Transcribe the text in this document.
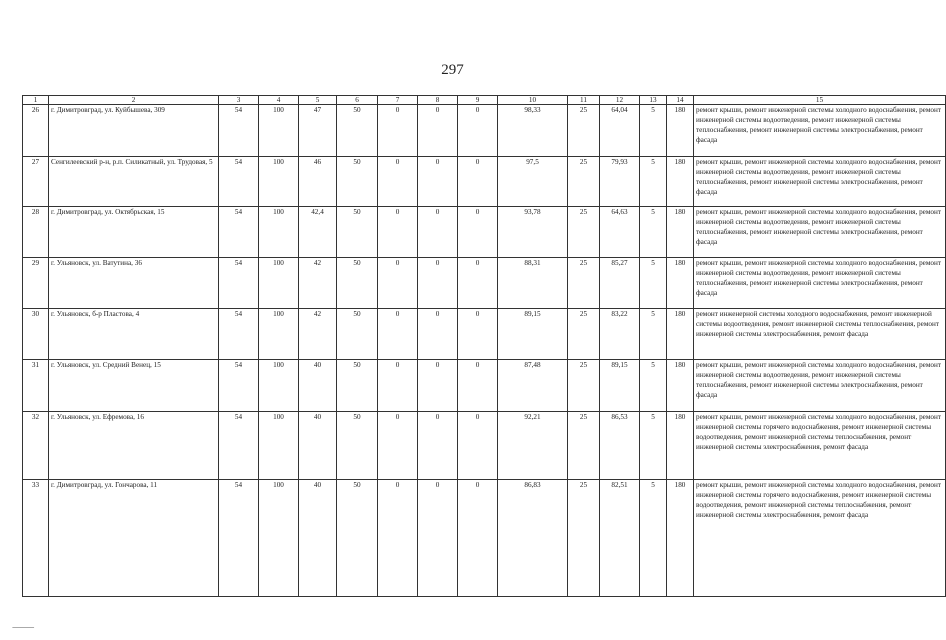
297
1	2	3	4	5	6	7	8	9	10	11	12	13	14	15
26	г. Димитровград, ул. Куйбышева, 309	54	100	47	50	0	0	0	98,33	25	64,04	5	180	ремонт крыши, ремонт инженерной системы холодного водоснабжения, ремонт инженерной системы водоотведения, ремонт инженерной системы теплоснабжения, ремонт инженерной системы электроснабжения, ремонт фасада
27	Сенгилеевский р-н, р.п. Силикатный, ул. Трудовая, 5	54	100	46	50	0	0	0	97,5	25	79,93	5	180	ремонт крыши, ремонт инженерной системы холодного водоснабжения, ремонт инженерной системы водоотведения, ремонт инженерной системы теплоснабжения, ремонт инженерной системы электроснабжения, ремонт фасада
28	г. Димитровград, ул. Октябрьская, 15	54	100	42,4	50	0	0	0	93,78	25	64,63	5	180	ремонт крыши, ремонт инженерной системы холодного водоснабжения, ремонт инженерной системы водоотведения, ремонт инженерной системы теплоснабжения, ремонт инженерной системы электроснабжения, ремонт фасада
29	г. Ульяновск, ул. Ватутина, 36	54	100	42	50	0	0	0	88,31	25	85,27	5	180	ремонт крыши, ремонт инженерной системы холодного водоснабжения, ремонт инженерной системы водоотведения, ремонт инженерной системы теплоснабжения, ремонт инженерной системы электроснабжения, ремонт фасада
30	г. Ульяновск, б-р Пластова, 4	54	100	42	50	0	0	0	89,15	25	83,22	5	180	ремонт инженерной системы холодного водоснабжения, ремонт инженерной системы водоотведения, ремонт инженерной системы теплоснабжения, ремонт инженерной системы электроснабжения, ремонт фасада
31	г. Ульяновск, ул. Средний Венец, 15	54	100	40	50	0	0	0	87,48	25	89,15	5	180	ремонт крыши, ремонт инженерной системы холодного водоснабжения, ремонт инженерной системы водоотведения, ремонт инженерной системы теплоснабжения, ремонт инженерной системы электроснабжения, ремонт фасада
32	г. Ульяновск, ул. Ефремова, 16	54	100	40	50	0	0	0	92,21	25	86,53	5	180	ремонт крыши, ремонт инженерной системы холодного водоснабжения, ремонт инженерной системы горячего водоснабжения, ремонт инженерной системы водоотведения, ремонт инженерной системы теплоснабжения, ремонт инженерной системы электроснабжения, ремонт фасада
33	г. Димитровград, ул. Гончарова, 11	54	100	40	50	0	0	0	86,83	25	82,51	5	180	ремонт крыши, ремонт инженерной системы холодного водоснабжения, ремонт инженерной системы горячего водоснабжения, ремонт инженерной системы водоотведения, ремонт инженерной системы теплоснабжения, ремонт инженерной системы электроснабжения, ремонт фасада
⸻
